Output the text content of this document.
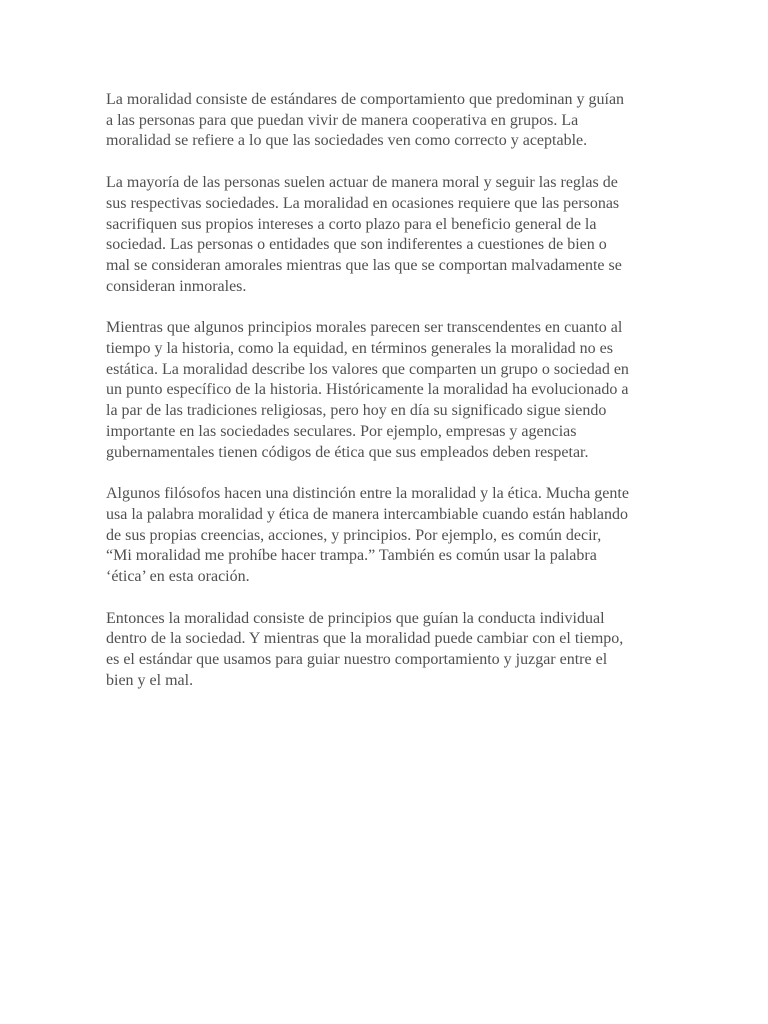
La moralidad consiste de estándares de comportamiento que predominan y guían
a las personas para que puedan vivir de manera cooperativa en grupos. La
moralidad se refiere a lo que las sociedades ven como correcto y aceptable.

La mayoría de las personas suelen actuar de manera moral y seguir las reglas de
sus respectivas sociedades. La moralidad en ocasiones requiere que las personas
sacrifiquen sus propios intereses a corto plazo para el beneficio general de la
sociedad. Las personas o entidades que son indiferentes a cuestiones de bien o
mal se consideran amorales mientras que las que se comportan malvadamente se
consideran inmorales.

Mientras que algunos principios morales parecen ser transcendentes en cuanto al
tiempo y la historia, como la equidad, en términos generales la moralidad no es
estática. La moralidad describe los valores que comparten un grupo o sociedad en
un punto específico de la historia. Históricamente la moralidad ha evolucionado a
la par de las tradiciones religiosas, pero hoy en día su significado sigue siendo
importante en las sociedades seculares. Por ejemplo, empresas y agencias
gubernamentales tienen códigos de ética que sus empleados deben respetar.

Algunos filósofos hacen una distinción entre la moralidad y la ética. Mucha gente
usa la palabra moralidad y ética de manera intercambiable cuando están hablando
de sus propias creencias, acciones, y principios. Por ejemplo, es común decir,
“Mi moralidad me prohíbe hacer trampa.” También es común usar la palabra
‘ética’ en esta oración.

Entonces la moralidad consiste de principios que guían la conducta individual
dentro de la sociedad. Y mientras que la moralidad puede cambiar con el tiempo,
es el estándar que usamos para guiar nuestro comportamiento y juzgar entre el
bien y el mal.
